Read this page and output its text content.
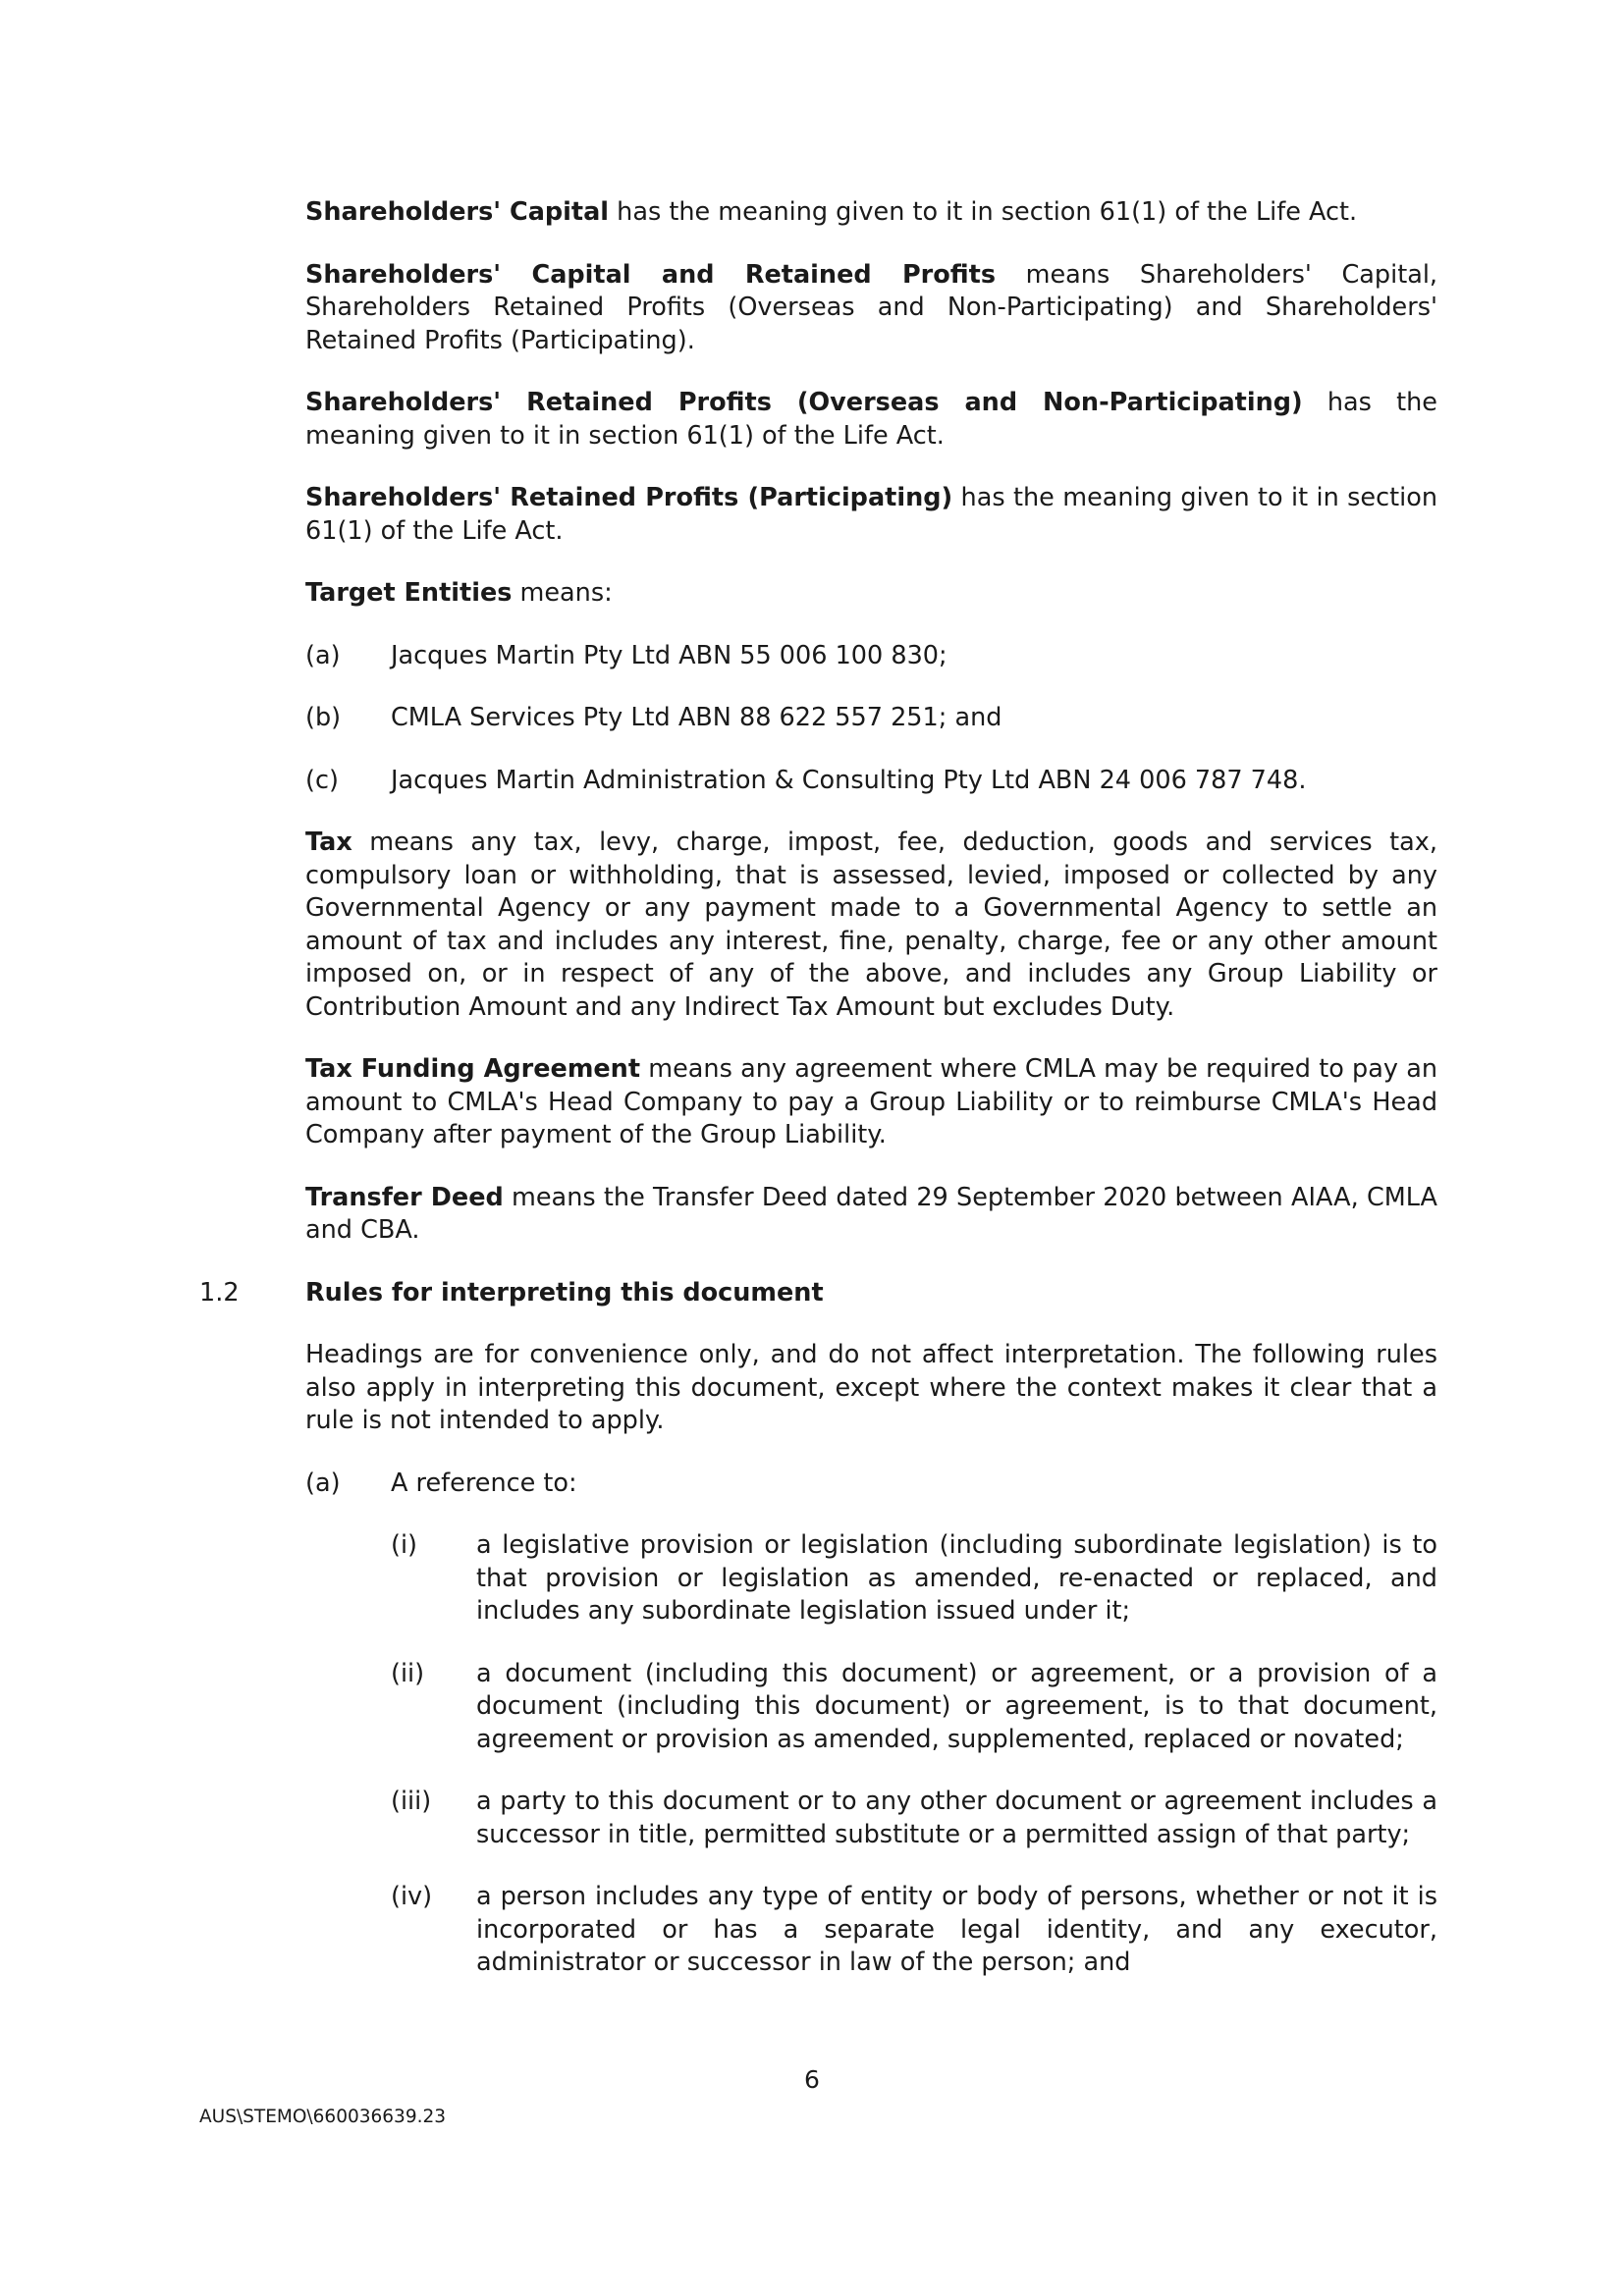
Shareholders' Capital has the meaning given to it in section 61(1) of the Life Act.

Shareholders' Capital and Retained Profits means Shareholders' Capital, Shareholders Retained Profits (Overseas and Non-Participating) and Shareholders' Retained Profits (Participating).

Shareholders' Retained Profits (Overseas and Non-Participating) has the meaning given to it in section 61(1) of the Life Act.

Shareholders' Retained Profits (Participating) has the meaning given to it in section 61(1) of the Life Act.

Target Entities means:

(a) Jacques Martin Pty Ltd ABN 55 006 100 830;
(b) CMLA Services Pty Ltd ABN 88 622 557 251; and
(c) Jacques Martin Administration & Consulting Pty Ltd ABN 24 006 787 748.

Tax means any tax, levy, charge, impost, fee, deduction, goods and services tax, compulsory loan or withholding, that is assessed, levied, imposed or collected by any Governmental Agency or any payment made to a Governmental Agency to settle an amount of tax and includes any interest, fine, penalty, charge, fee or any other amount imposed on, or in respect of any of the above, and includes any Group Liability or Contribution Amount and any Indirect Tax Amount but excludes Duty.

Tax Funding Agreement means any agreement where CMLA may be required to pay an amount to CMLA's Head Company to pay a Group Liability or to reimburse CMLA's Head Company after payment of the Group Liability.

Transfer Deed means the Transfer Deed dated 29 September 2020 between AIAA, CMLA and CBA.

1.2	Rules for interpreting this document

Headings are for convenience only, and do not affect interpretation. The following rules also apply in interpreting this document, except where the context makes it clear that a rule is not intended to apply.

(a) A reference to:
(i) a legislative provision or legislation (including subordinate legislation) is to that provision or legislation as amended, re-enacted or replaced, and includes any subordinate legislation issued under it;
(ii) a document (including this document) or agreement, or a provision of a document (including this document) or agreement, is to that document, agreement or provision as amended, supplemented, replaced or novated;
(iii) a party to this document or to any other document or agreement includes a successor in title, permitted substitute or a permitted assign of that party;
(iv) a person includes any type of entity or body of persons, whether or not it is incorporated or has a separate legal identity, and any executor, administrator or successor in law of the person; and
6
AUS\STEMO\660036639.23
